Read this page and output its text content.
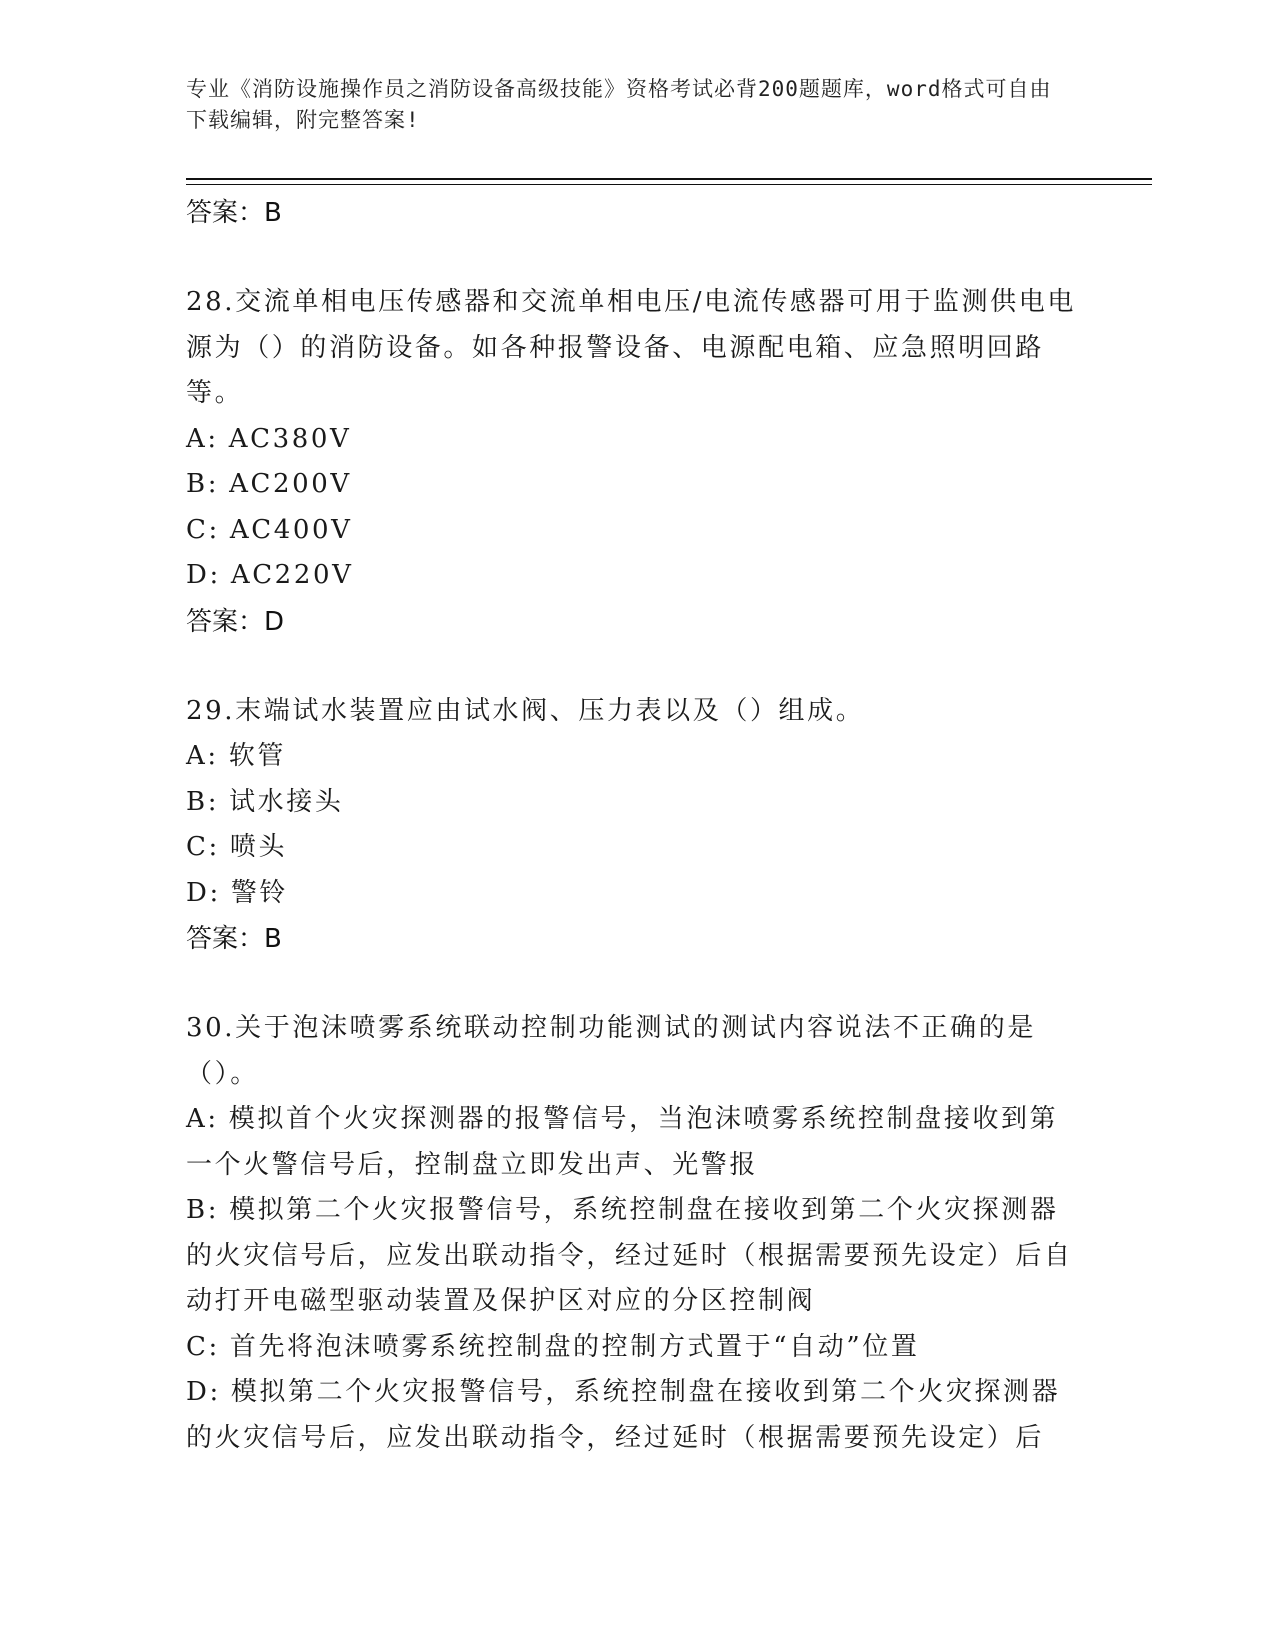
专业《消防设施操作员之消防设备高级技能》资格考试必背200题题库，word格式可自由下载编辑，附完整答案!
答案：B
28.交流单相电压传感器和交流单相电压/电流传感器可用于监测供电电源为（）的消防设备。如各种报警设备、电源配电箱、应急照明回路等。
A: AC380V
B: AC200V
C: AC400V
D: AC220V
答案：D
29.末端试水装置应由试水阀、压力表以及（）组成。
A: 软管
B: 试水接头
C: 喷头
D: 警铃
答案：B
30.关于泡沫喷雾系统联动控制功能测试的测试内容说法不正确的是（）。
A: 模拟首个火灾探测器的报警信号，当泡沫喷雾系统控制盘接收到第一个火警信号后，控制盘立即发出声、光警报
B: 模拟第二个火灾报警信号，系统控制盘在接收到第二个火灾探测器的火灾信号后，应发出联动指令，经过延时（根据需要预先设定）后自动打开电磁型驱动装置及保护区对应的分区控制阀
C: 首先将泡沫喷雾系统控制盘的控制方式置于“自动”位置
D: 模拟第二个火灾报警信号，系统控制盘在接收到第二个火灾探测器的火灾信号后，应发出联动指令，经过延时（根据需要预先设定）后
